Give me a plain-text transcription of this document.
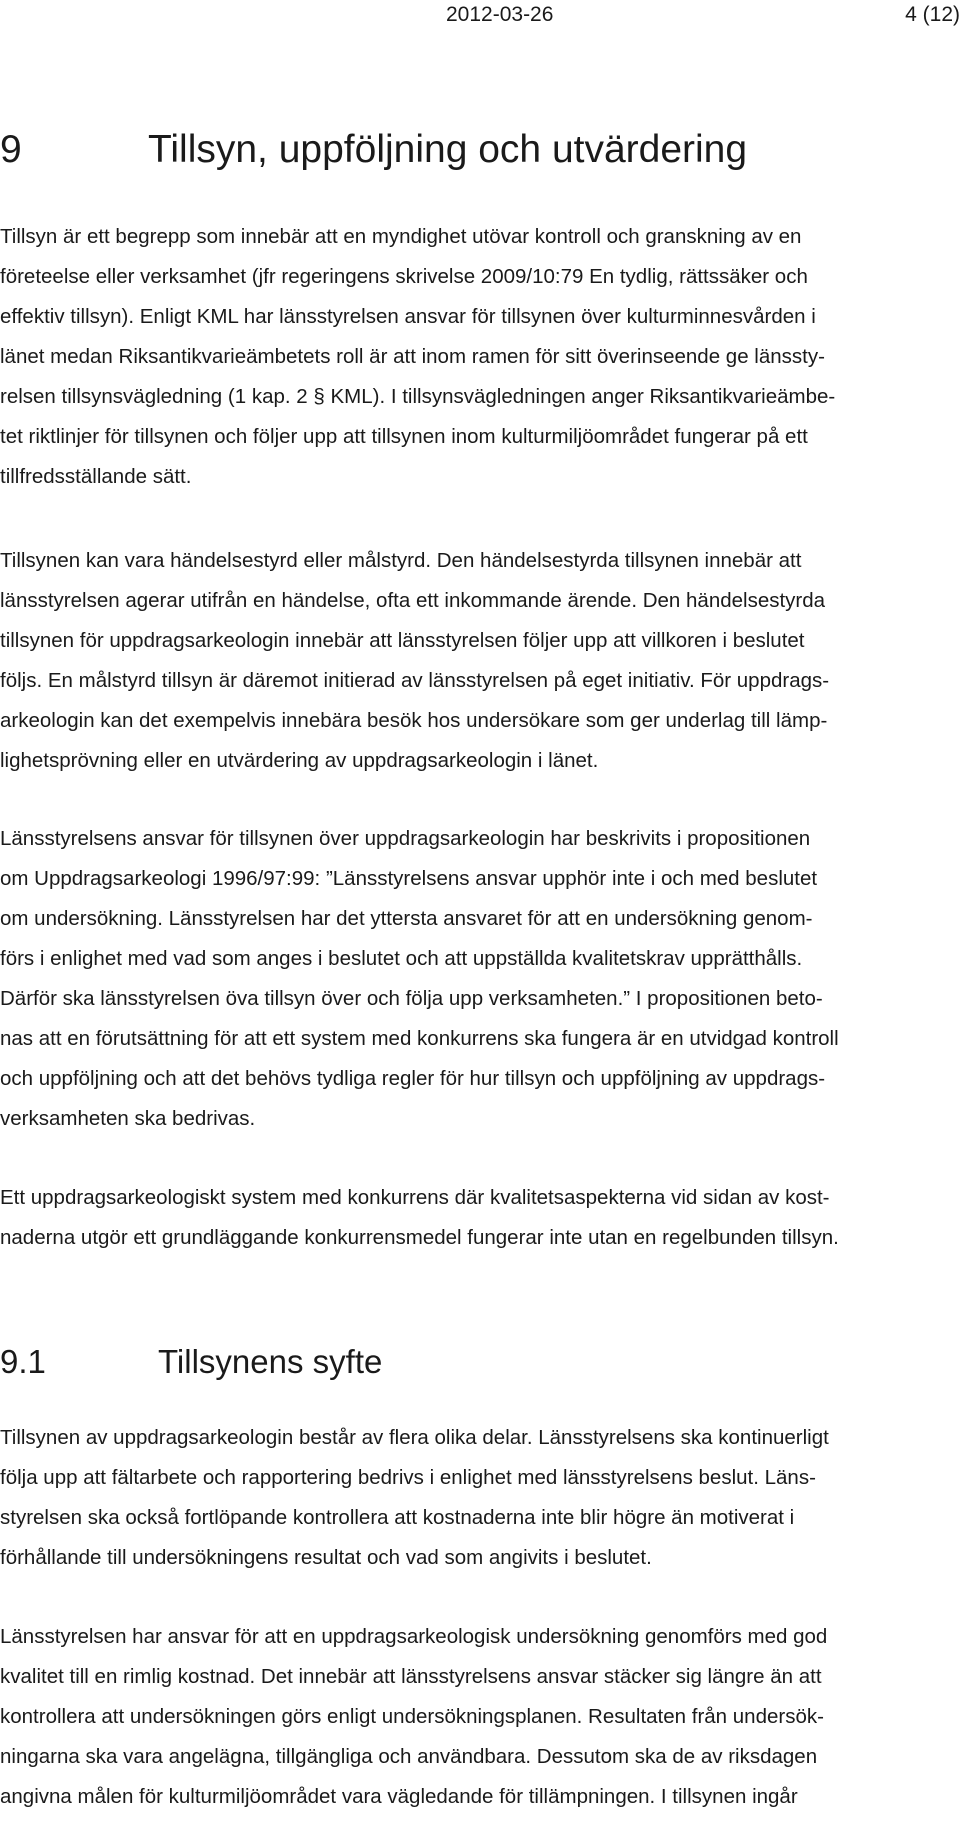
2012-03-26	4 (12)
9	Tillsyn, uppföljning och utvärdering
Tillsyn är ett begrepp som innebär att en myndighet utövar kontroll och granskning av en
företeelse eller verksamhet (jfr regeringens skrivelse 2009/10:79 En tydlig, rättssäker och
effektiv tillsyn). Enligt KML har länsstyrelsen ansvar för tillsynen över kulturminnesvården i
länet medan Riksantikvarieämbetets roll är att inom ramen för sitt överinseende ge länssty-
relsen tillsynsvägledning (1 kap. 2 § KML). I tillsynsvägledningen anger Riksantikvarieämbe-
tet riktlinjer för tillsynen och följer upp att tillsynen inom kulturmiljöområdet fungerar på ett
tillfredsställande sätt.
Tillsynen kan vara händelsestyrd eller målstyrd. Den händelsestyrda tillsynen innebär att
länsstyrelsen agerar utifrån en händelse, ofta ett inkommande ärende. Den händelsestyrda
tillsynen för uppdragsarkeologin innebär att länsstyrelsen följer upp att villkoren i beslutet
följs. En målstyrd tillsyn är däremot initierad av länsstyrelsen på eget initiativ. För uppdrags-
arkeologin kan det exempelvis innebära besök hos undersökare som ger underlag till lämp-
lighetsprövning eller en utvärdering av uppdragsarkeologin i länet.
Länsstyrelsens ansvar för tillsynen över uppdragsarkeologin har beskrivits i propositionen
om Uppdragsarkeologi 1996/97:99: ”Länsstyrelsens ansvar upphör inte i och med beslutet
om undersökning. Länsstyrelsen har det yttersta ansvaret för att en undersökning genom-
förs i enlighet med vad som anges i beslutet och att uppställda kvalitetskrav upprätthålls.
Därför ska länsstyrelsen öva tillsyn över och följa upp verksamheten.” I propositionen beto-
nas att en förutsättning för att ett system med konkurrens ska fungera är en utvidgad kontroll
och uppföljning och att det behövs tydliga regler för hur tillsyn och uppföljning av uppdrags-
verksamheten ska bedrivas.
Ett uppdragsarkeologiskt system med konkurrens där kvalitetsaspekterna vid sidan av kost-
naderna utgör ett grundläggande konkurrensmedel fungerar inte utan en regelbunden tillsyn.
9.1	Tillsynens syfte
Tillsynen av uppdragsarkeologin består av flera olika delar. Länsstyrelsens ska kontinuerligt
följa upp att fältarbete och rapportering bedrivs i enlighet med länsstyrelsens beslut. Läns-
styrelsen ska också fortlöpande kontrollera att kostnaderna inte blir högre än motiverat i
förhållande till undersökningens resultat och vad som angivits i beslutet.
Länsstyrelsen har ansvar för att en uppdragsarkeologisk undersökning genomförs med god
kvalitet till en rimlig kostnad. Det innebär att länsstyrelsens ansvar stäcker sig längre än att
kontrollera att undersökningen görs enligt undersökningsplanen. Resultaten från undersök-
ningarna ska vara angelägna, tillgängliga och användbara. Dessutom ska de av riksdagen
angivna målen för kulturmiljöområdet vara vägledande för tillämpningen. I tillsynen ingår
